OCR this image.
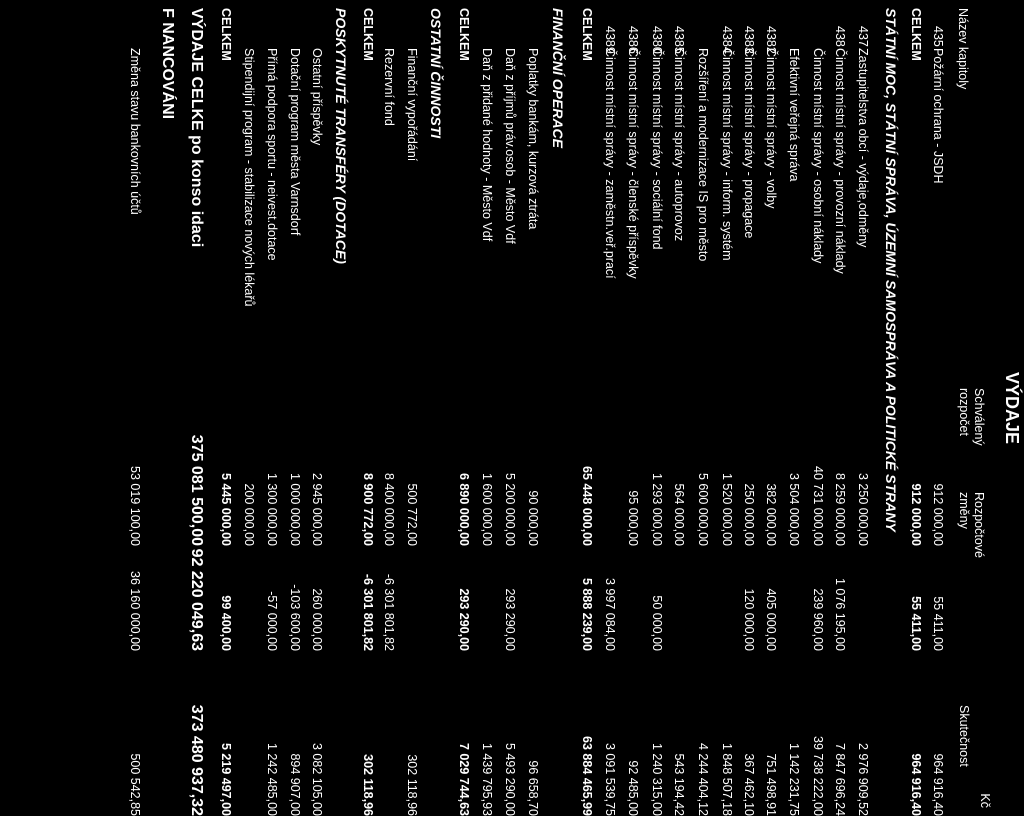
VÝDAJE
Název kapitoly
Schválený
rozpočet
Rozpočtové
změny
Kč
Skutečnost
435
Požární ochrana - JSDH
912 000,00
55 411,00
964 916,40
CELKEM
912 000,00
55 411,00
964 916,40
STÁTNÍ MOC, STÁTNÍ SPRÁVA, ÚZEMNÍ SAMOSPRÁVA A POLITICKÉ STRANY
437
Zastupitelstva obcí - výdaje,odměny
3 250 000,00
2 976 909,52
438
Činnost místní správy - provozní náklady
8 259 000,00
1 076 195,00
7 847 696,24
Činnost místní správy - osobní náklady
40 731 000,00
239 960,00
39 738 222,00
Efektivní veřejná správa
3 504 000,00
1 142 231,75
4382
Činnost místní správy - volby
382 000,00
405 000,00
751 498,91
4383
Činnost místní správy - propagace
250 000,00
120 000,00
367 462,10
4384
Činnost místní správy - inform. systém
1 520 000,00
1 848 507,18
Rozšíření a modernizace IS pro město
5 600 000,00
4 244 404,12
4385
Činnost místní správy - autoprovoz
564 000,00
543 194,42
4380
Činnost místní správy - sociální fond
1 293 000,00
50 000,00
1 240 315,00
4386
Činnost místní správy - členské příspěvky
95 000,00
92 485,00
4389
Činnost místní správy - zaměstn.veř.prací
3 997 084,00
3 091 539,75
CELKEM
65 448 000,00
5 888 239,00
63 884 465,99
FINANČNÍ OPERACE
Poplatky bankám, kurzová ztráta
90 000,00
96 658,70
Daň z příjmů práv.osob - Město Vdf
5 200 000,00
293 290,00
5 493 290,00
Daň z přidané hodnoty - Město Vdf
1 600 000,00
1 439 795,93
CELKEM
6 890 000,00
293 290,00
7 029 744,63
OSTATNÍ ČINNOSTI
Finanční vypořádání
500 772,00
302 118,96
Rezervní fond
8 400 000,00
-6 301 801,82
CELKEM
8 900 772,00
-6 301 801,82
302 118,96
POSKYTNUTÉ TRANSFÉRY (DOTACE)
Ostatní příspěvky
2 945 000,00
260 000,00
3 082 105,00
Dotační program města Varnsdorf
1 000 000,00
-103 600,00
894 907,00
Přímá podpora sportu - neivest.dotace
1 300 000,00
-57 000,00
1 242 485,00
Stipendijní program - stabilizace nových lékařů
200 000,00
CELKEM
5 445 000,00
99 400,00
5 219 497,00
VÝDAJE CELKE po konso idaci
375 081 500,00
92 220 049,63
373 480 937,32
F NANCOVÁNI
Změna stavu bankovních účtů
53 019 100,00
36 160 000,00
500 542,85
